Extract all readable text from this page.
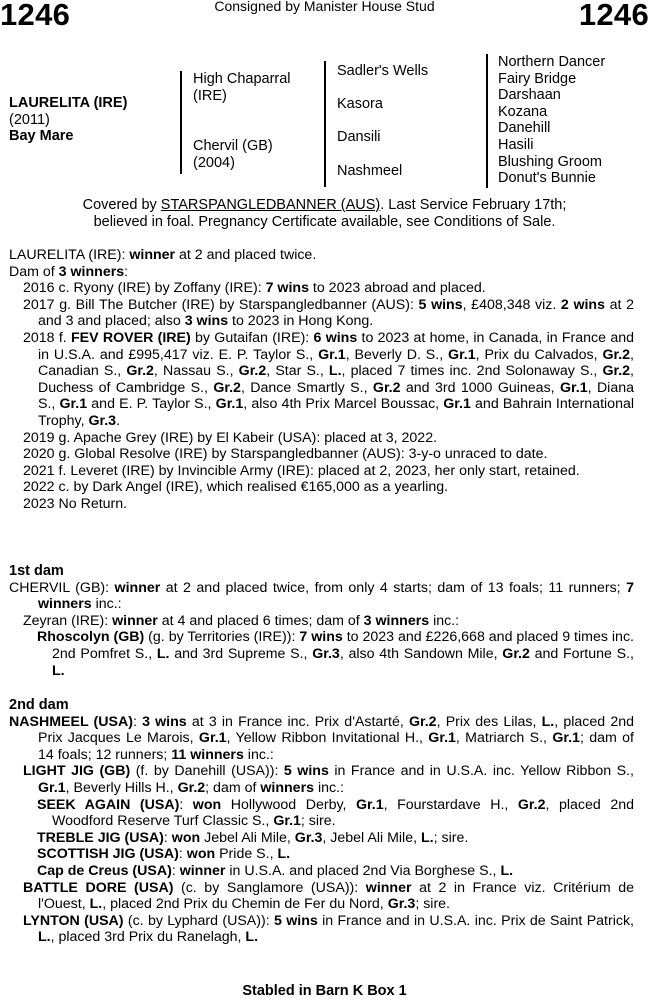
1246	Consigned by Manister House Stud	1246
LAURELITA (IRE)
(2011)
Bay Mare
High Chaparral
(IRE)
Chervil (GB)
(2004)
Sadler's Wells
Kasora
Dansili
Nashmeel
Northern Dancer
Fairy Bridge
Darshaan
Kozana
Danehill
Hasili
Blushing Groom
Donut's Bunnie
Covered by STARSPANGLEDBANNER (AUS). Last Service February 17th;
believed in foal. Pregnancy Certificate available, see Conditions of Sale.
LAURELITA (IRE): winner at 2 and placed twice.
Dam of 3 winners:
2016 c. Ryony (IRE) by Zoffany (IRE): 7 wins to 2023 abroad and placed.
2017 g. Bill The Butcher (IRE) by Starspangledbanner (AUS): 5 wins, £408,348 viz. 2 wins at 2 and 3 and placed; also 3 wins to 2023 in Hong Kong.
2018 f. FEV ROVER (IRE) by Gutaifan (IRE): 6 wins to 2023 at home, in Canada, in France and in U.S.A. and £995,417 viz. E. P. Taylor S., Gr.1, Beverly D. S., Gr.1, Prix du Calvados, Gr.2, Canadian S., Gr.2, Nassau S., Gr.2, Star S., L., placed 7 times inc. 2nd Solonaway S., Gr.2, Duchess of Cambridge S., Gr.2, Dance Smartly S., Gr.2 and 3rd 1000 Guineas, Gr.1, Diana S., Gr.1 and E. P. Taylor S., Gr.1, also 4th Prix Marcel Boussac, Gr.1 and Bahrain International Trophy, Gr.3.
2019 g. Apache Grey (IRE) by El Kabeir (USA): placed at 3, 2022.
2020 g. Global Resolve (IRE) by Starspangledbanner (AUS): 3-y-o unraced to date.
2021 f. Leveret (IRE) by Invincible Army (IRE): placed at 2, 2023, her only start, retained.
2022 c. by Dark Angel (IRE), which realised €165,000 as a yearling.
2023 No Return.
1st dam
CHERVIL (GB): winner at 2 and placed twice, from only 4 starts; dam of 13 foals; 11 runners; 7 winners inc.:
Zeyran (IRE): winner at 4 and placed 6 times; dam of 3 winners inc.:
Rhoscolyn (GB) (g. by Territories (IRE)): 7 wins to 2023 and £226,668 and placed 9 times inc. 2nd Pomfret S., L. and 3rd Supreme S., Gr.3, also 4th Sandown Mile, Gr.2 and Fortune S., L.
2nd dam
NASHMEEL (USA): 3 wins at 3 in France inc. Prix d'Astarté, Gr.2, Prix des Lilas, L., placed 2nd Prix Jacques Le Marois, Gr.1, Yellow Ribbon Invitational H., Gr.1, Matriarch S., Gr.1; dam of 14 foals; 12 runners; 11 winners inc.:
LIGHT JIG (GB) (f. by Danehill (USA)): 5 wins in France and in U.S.A. inc. Yellow Ribbon S., Gr.1, Beverly Hills H., Gr.2; dam of winners inc.:
SEEK AGAIN (USA): won Hollywood Derby, Gr.1, Fourstardave H., Gr.2, placed 2nd Woodford Reserve Turf Classic S., Gr.1; sire.
TREBLE JIG (USA): won Jebel Ali Mile, Gr.3, Jebel Ali Mile, L.; sire.
SCOTTISH JIG (USA): won Pride S., L.
Cap de Creus (USA): winner in U.S.A. and placed 2nd Via Borghese S., L.
BATTLE DORE (USA) (c. by Sanglamore (USA)): winner at 2 in France viz. Critérium de l'Ouest, L., placed 2nd Prix du Chemin de Fer du Nord, Gr.3; sire.
LYNTON (USA) (c. by Lyphard (USA)): 5 wins in France and in U.S.A. inc. Prix de Saint Patrick, L., placed 3rd Prix du Ranelagh, L.
Stabled in Barn K Box 1
